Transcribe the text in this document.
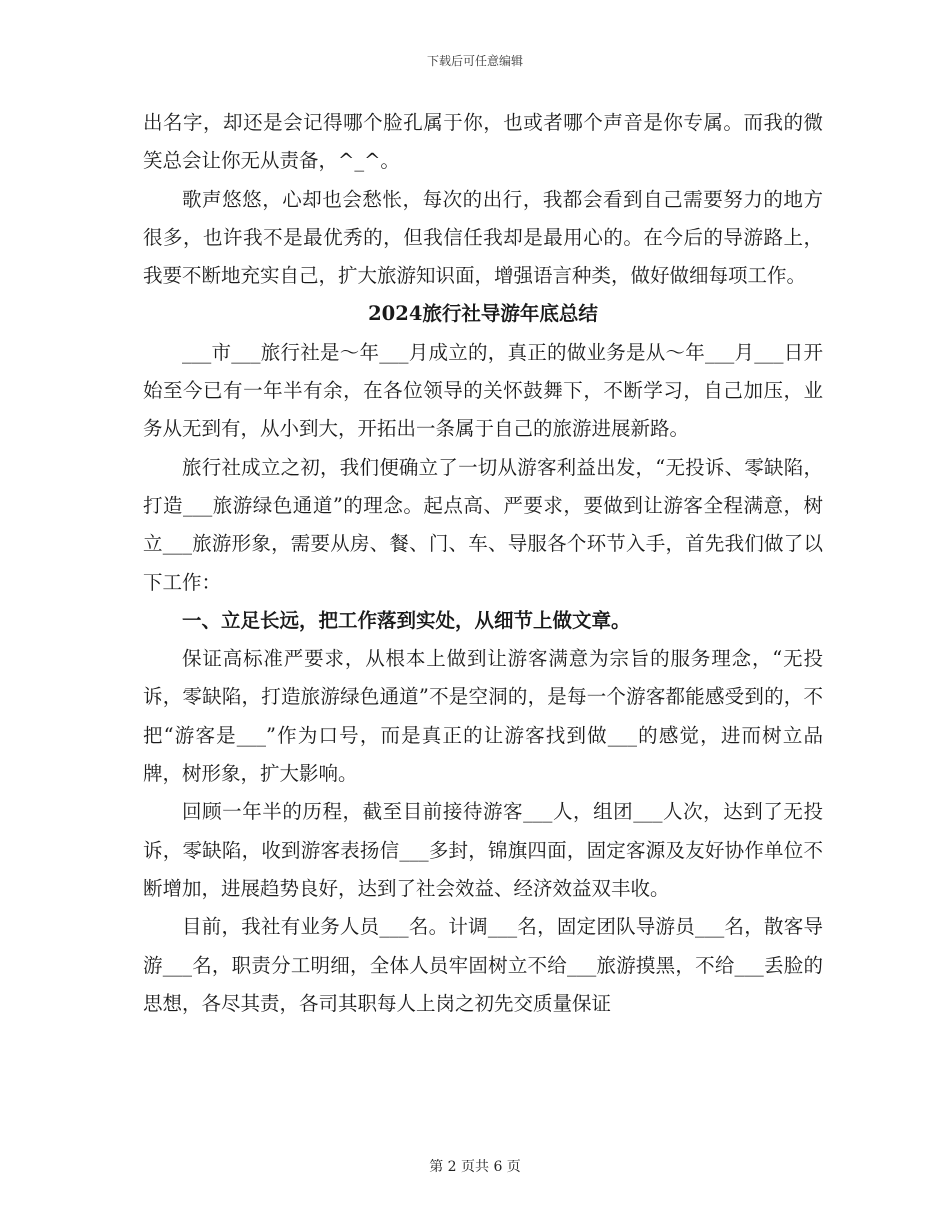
下载后可任意编辑

出名字，却还是会记得哪个脸孔属于你，也或者哪个声音是你专属。而我的微笑总会让你无从责备，^_^。

歌声悠悠，心却也会愁怅，每次的出行，我都会看到自己需要努力的地方很多，也许我不是最优秀的，但我信任我却是最用心的。在今后的导游路上，我要不断地充实自己，扩大旅游知识面，增强语言种类，做好做细每项工作。

2024旅行社导游年底总结

___市___旅行社是～年___月成立的，真正的做业务是从～年___月___日开始至今已有一年半有余，在各位领导的关怀鼓舞下，不断学习，自己加压，业务从无到有，从小到大，开拓出一条属于自己的旅游进展新路。

旅行社成立之初，我们便确立了一切从游客利益出发，“无投诉、零缺陷，打造___旅游绿色通道”的理念。起点高、严要求，要做到让游客全程满意，树立___旅游形象，需要从房、餐、门、车、导服各个环节入手，首先我们做了以下工作：

一、立足长远，把工作落到实处，从细节上做文章。

保证高标准严要求，从根本上做到让游客满意为宗旨的服务理念，“无投诉，零缺陷，打造旅游绿色通道”不是空洞的，是每一个游客都能感受到的，不把“游客是___”作为口号，而是真正的让游客找到做___的感觉，进而树立品牌，树形象，扩大影响。

回顾一年半的历程，截至目前接待游客___人，组团___人次，达到了无投诉，零缺陷，收到游客表扬信___多封，锦旗四面，固定客源及友好协作单位不断增加，进展趋势良好，达到了社会效益、经济效益双丰收。

目前，我社有业务人员___名。计调___名，固定团队导游员___名，散客导游___名，职责分工明细，全体人员牢固树立不给___旅游摸黑，不给___丢脸的思想，各尽其责，各司其职每人上岗之初先交质量保证

第 2 页共 6 页
